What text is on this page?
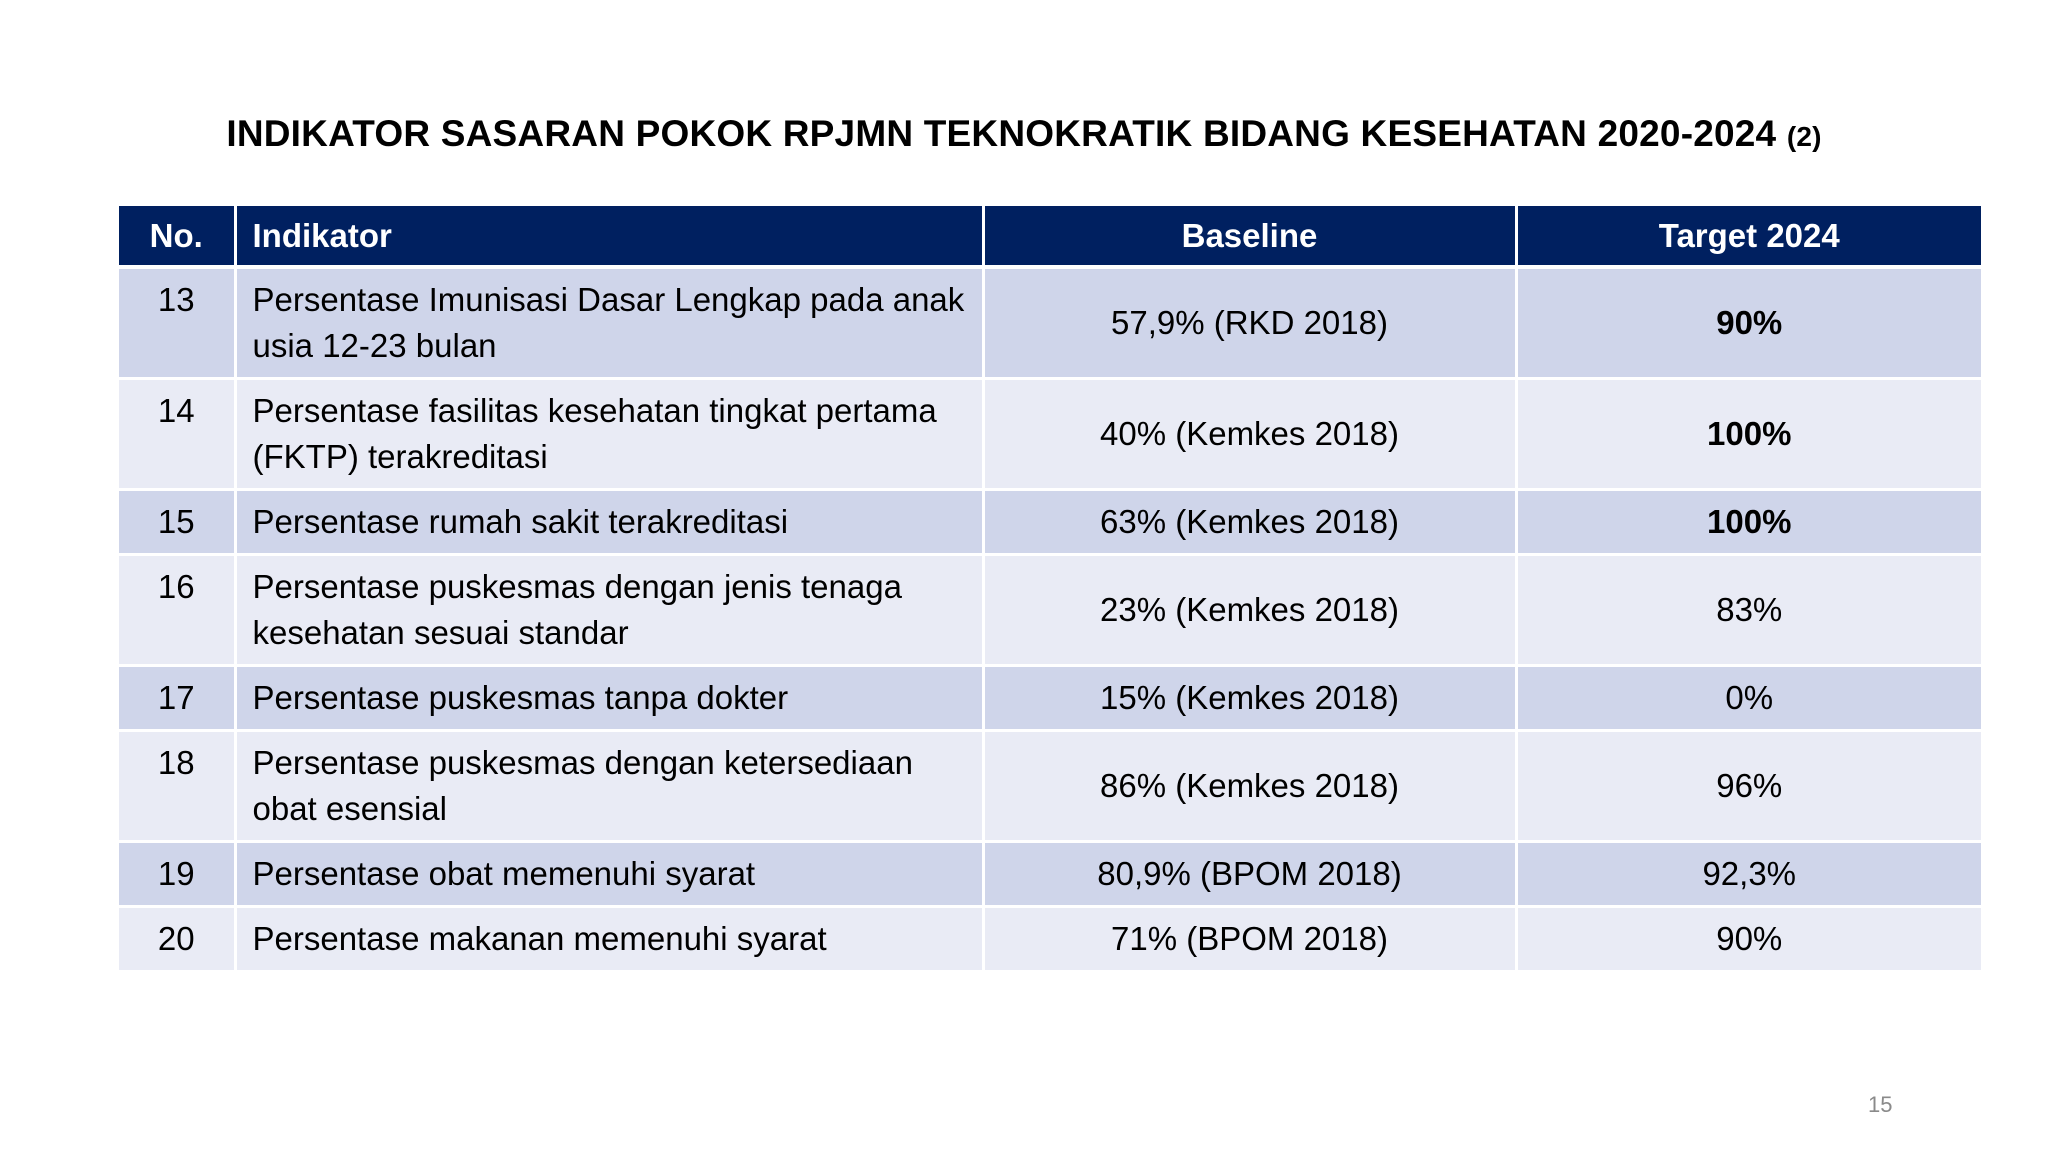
INDIKATOR SASARAN POKOK RPJMN TEKNOKRATIK BIDANG KESEHATAN 2020-2024 (2)
No.	Indikator	Baseline	Target 2024
13	Persentase Imunisasi Dasar Lengkap pada anak usia 12-23 bulan	57,9% (RKD 2018)	90%
14	Persentase fasilitas kesehatan tingkat pertama (FKTP) terakreditasi	40% (Kemkes 2018)	100%
15	Persentase rumah sakit terakreditasi	63% (Kemkes 2018)	100%
16	Persentase puskesmas dengan jenis tenaga kesehatan sesuai standar	23% (Kemkes 2018)	83%
17	Persentase puskesmas tanpa dokter	15% (Kemkes 2018)	0%
18	Persentase puskesmas dengan ketersediaan obat esensial	86% (Kemkes 2018)	96%
19	Persentase obat memenuhi syarat	80,9% (BPOM 2018)	92,3%
20	Persentase makanan memenuhi syarat	71% (BPOM 2018)	90%
15
